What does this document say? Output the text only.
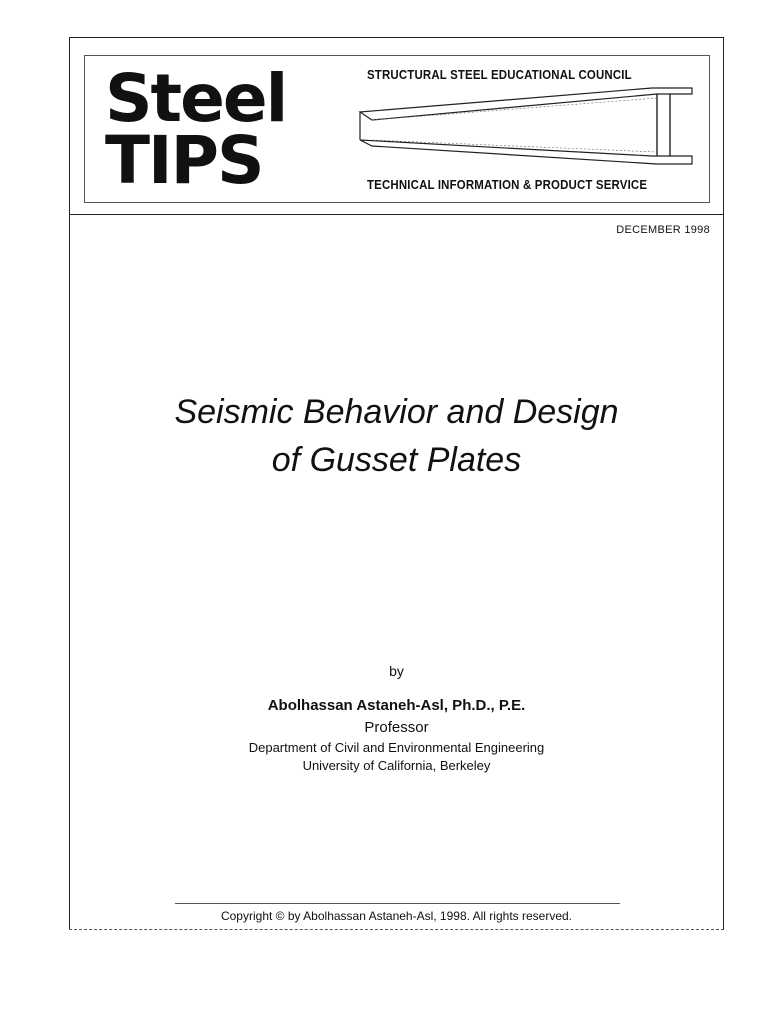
Steel
TIPS
STRUCTURAL STEEL EDUCATIONAL COUNCIL
TECHNICAL INFORMATION & PRODUCT SERVICE
DECEMBER 1998
Seismic Behavior and Design
of Gusset Plates
by
Abolhassan Astaneh-Asl, Ph.D., P.E.
Professor
Department of Civil and Environmental Engineering
University of California, Berkeley
Copyright © by Abolhassan Astaneh-Asl, 1998. All rights reserved.
